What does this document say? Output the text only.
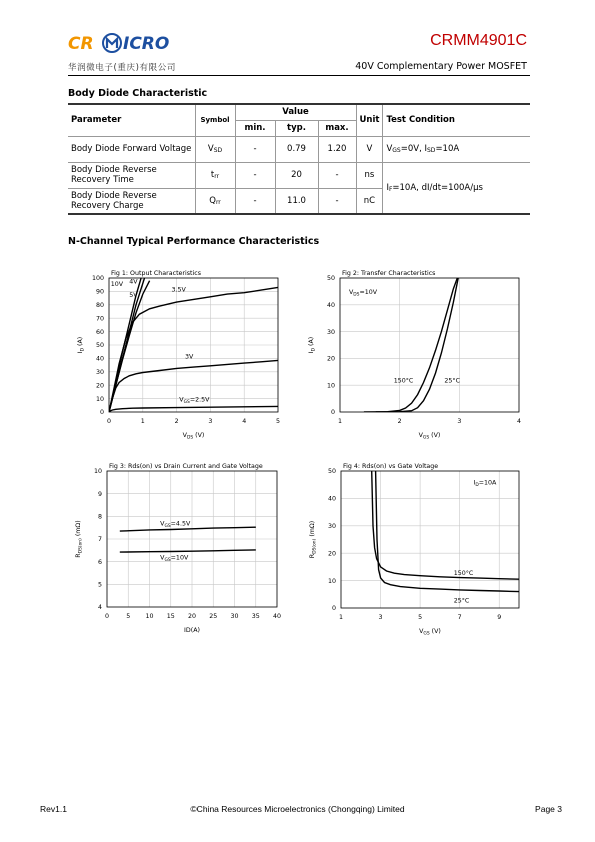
CR ICRO
华润微电子(重庆)有限公司
CRMM4901C
40V Complementary Power MOSFET
Body Diode Characteristic
Parameter	Symbol	Value			Unit	Test Condition
		min.	typ.	max.		
Body Diode Forward Voltage	VSD	-	0.79	1.20	V	VGS=0V, ISD=10A
Body Diode Reverse Recovery Time	trr	-	20	-	ns	IF=10A, dI/dt=100A/µs
Body Diode Reverse Recovery Charge	Qrr	-	11.0	-	nC	
N-Channel Typical Performance Characteristics
Fig 1: Output Characteristics
0	1	2	3	4	5
0
10
20
30
40
50
60
70
80
90
100
$V_{DS}$ (V)
$I_D$ (A)
10V 4V
5V
3.5V
3V
$V_{GS}=2.5V$
Fig 2: Transfer Characteristics
1	2	3	4
0
10
20
30
40
50
$V_{GS}$ (V)
$I_D$ (A)
$V_{DS}=10V$
150°C	25°C
Fig 3: Rds(on) vs Drain Current and Gate Voltage
0	5 10 15 20 25 30 35 40
4
5
6
7
8
9
10
ID(A)
$R_{DS(on)}$ (mΩ)	$V_{GS}=4.5V$
$V_{GS}=10V$
Fig 4: Rds(on) vs Gate Voltage
1	3	5	7	9
0
10
20
30
40
50
$V_{GS}$ (V)
$R_{DS(on)}$ (mΩ)
$I_D=10A$
150°C
25°C
Rev1.1	©China Resources Microelectronics (Chongqing) Limited	Page 3
